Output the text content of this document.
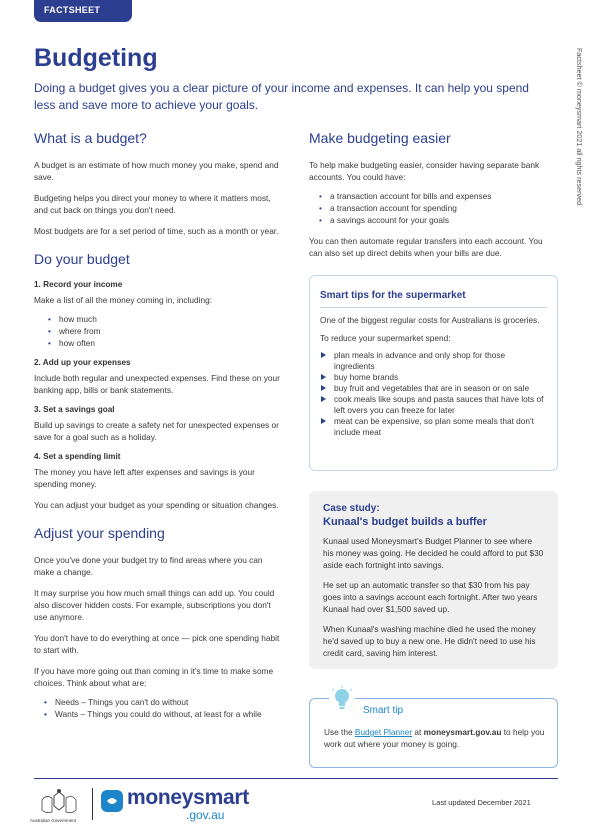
FACTSHEET
Factsheet © moneysmart 2021 all rights reserved
Budgeting

Doing a budget gives you a clear picture of your income and expenses. It can help you spend less and save more to achieve your goals.

What is a budget?

A budget is an estimate of how much money you make, spend and save.

Budgeting helps you direct your money to where it matters most, and cut back on things you don't need.

Most budgets are for a set period of time, such as a month or year.

Do your budget
1. Record your income

Make a list of all the money coming in, including:

• how much
• where from
• how often
2. Add up your expenses

Include both regular and unexpected expenses. Find these on your banking app, bills or bank statements.

3. Set a savings goal

Build up savings to create a safety net for unexpected expenses or save for a goal such as a holiday.

4. Set a spending limit

The money you have left after expenses and savings is your spending money.

You can adjust your budget as your spending or situation changes.

Adjust your spending

Once you've done your budget try to find areas where you can make a change.

It may surprise you how much small things can add up. You could also discover hidden costs. For example, subscriptions you don't use anymore.

You don't have to do everything at once — pick one spending habit to start with.

If you have more going out than coming in it's time to make some choices. Think about what are:

• Needs – Things you can't do without
• Wants – Things you could do without, at least for a while
Make budgeting easier

To help make budgeting easier, consider having separate bank accounts. You could have:

• a transaction account for bills and expenses
• a transaction account for spending
• a savings account for your goals

You can then automate regular transfers into each account. You can also set up direct debits when your bills are due.

Smart tips for the supermarket

One of the biggest regular costs for Australians is groceries.

To reduce your supermarket spend:

plan meals in advance and only shop for those ingredients
buy home brands
buy fruit and vegetables that are in season or on sale
cook meals like soups and pasta sauces that have lots of left overs you can freeze for later
meat can be expensive, so plan some meals that don't include meat
Case study:
Kunaal's budget builds a buffer

Kunaal used Moneysmart's Budget Planner to see where his money was going. He decided he could afford to put $30 aside each fortnight into savings.

He set up an automatic transfer so that $30 from his pay goes into a savings account each fortnight. After two years Kunaal had over $1,500 saved up.

When Kunaal's washing machine died he used the money he'd saved up to buy a new one. He didn't need to use his credit card, saving him interest.

Smart tip

Use the Budget Planner at moneysmart.gov.au to help you work out where your money is going.

Australian Government
moneysmart
.gov.au
Last updated December 2021
